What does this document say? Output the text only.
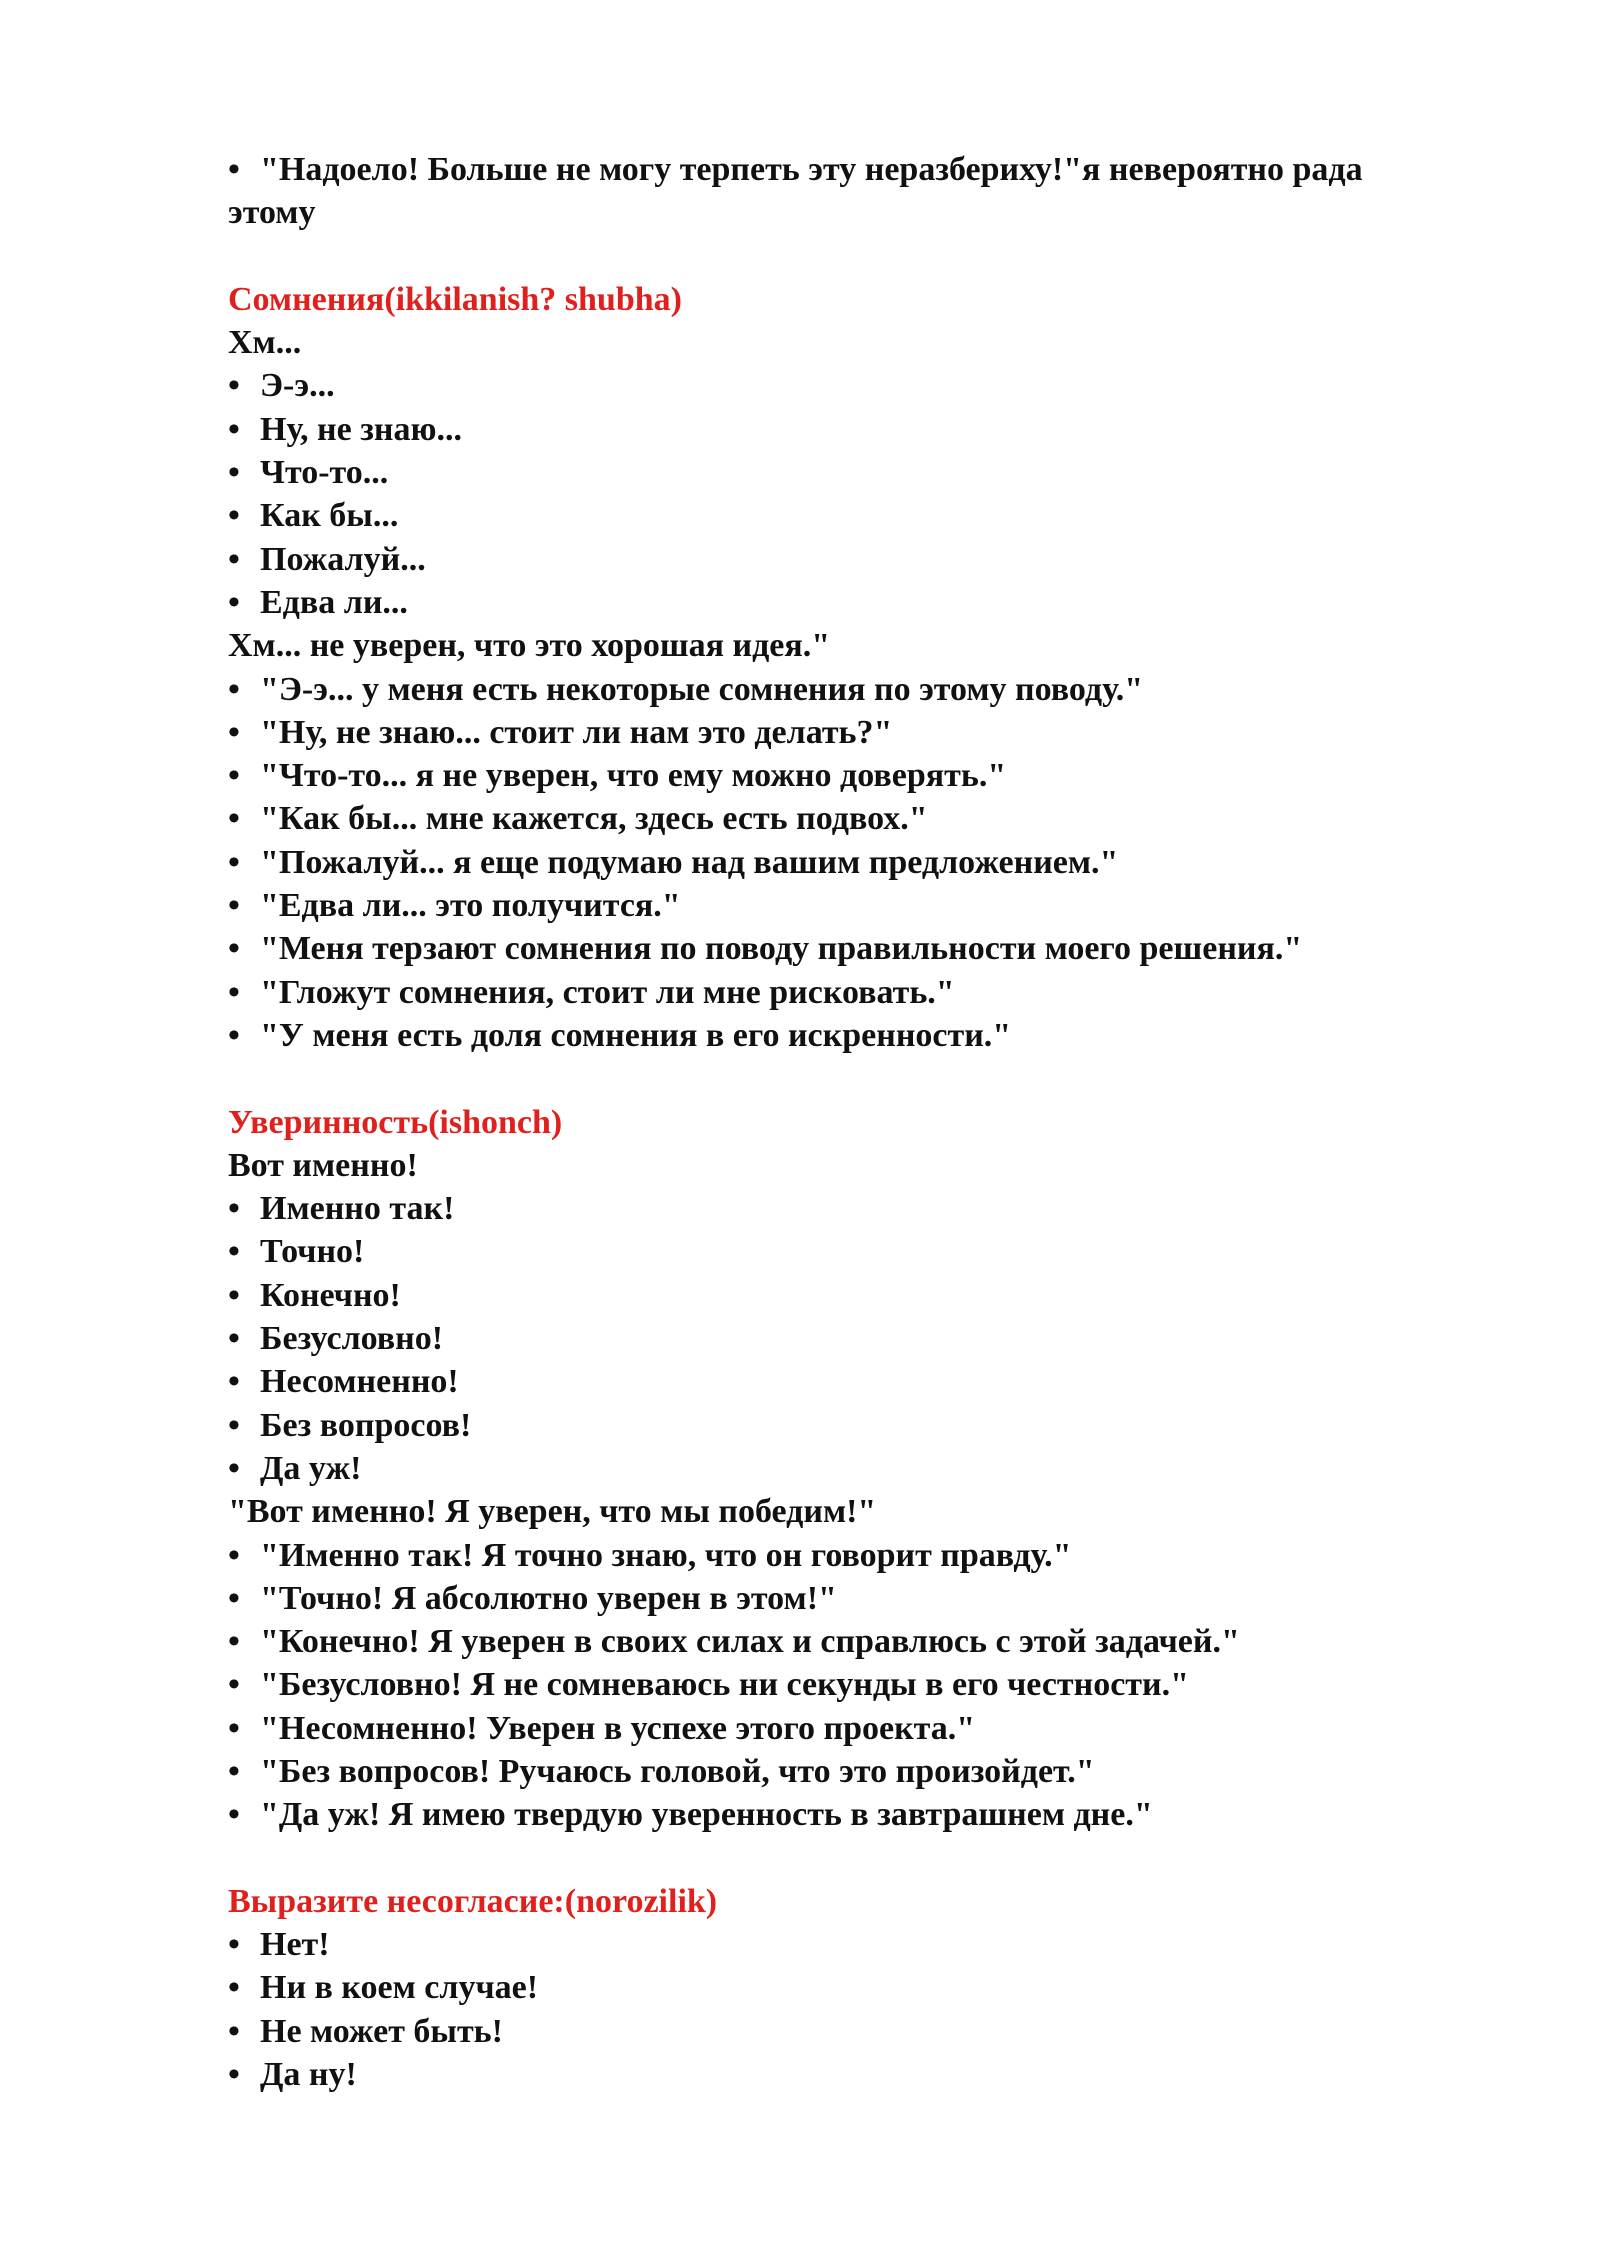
• "Надоело! Больше не могу терпеть эту неразбериху!"я невероятно рада

этому

Сомнения(ikkilanish? shubha)

Хм...

• Э-э...
• Ну, не знаю...
• Что-то...
• Как бы...
• Пожалуй...
• Едва ли...

Хм... не уверен, что это хорошая идея."

• "Э-э... у меня есть некоторые сомнения по этому поводу."
• "Ну, не знаю... стоит ли нам это делать?"
• "Что-то... я не уверен, что ему можно доверять."
• "Как бы... мне кажется, здесь есть подвох."
• "Пожалуй... я еще подумаю над вашим предложением."
• "Едва ли... это получится."
• "Меня терзают сомнения по поводу правильности моего решения."
• "Гложут сомнения, стоит ли мне рисковать."
• "У меня есть доля сомнения в его искренности."

Уверинность(ishonch)

Вот именно!

• Именно так!
• Точно!
• Конечно!
• Безусловно!
• Несомненно!
• Без вопросов!
• Да уж!

"Вот именно! Я уверен, что мы победим!"

• "Именно так! Я точно знаю, что он говорит правду."
• "Точно! Я абсолютно уверен в этом!"
• "Конечно! Я уверен в своих силах и справлюсь с этой задачей."
• "Безусловно! Я не сомневаюсь ни секунды в его честности."
• "Несомненно! Уверен в успехе этого проекта."
• "Без вопросов! Ручаюсь головой, что это произойдет."
• "Да уж! Я имею твердую уверенность в завтрашнем дне."

Выразите несогласие:(norozilik)

• Нет!
• Ни в коем случае!
• Не может быть!
• Да ну!
